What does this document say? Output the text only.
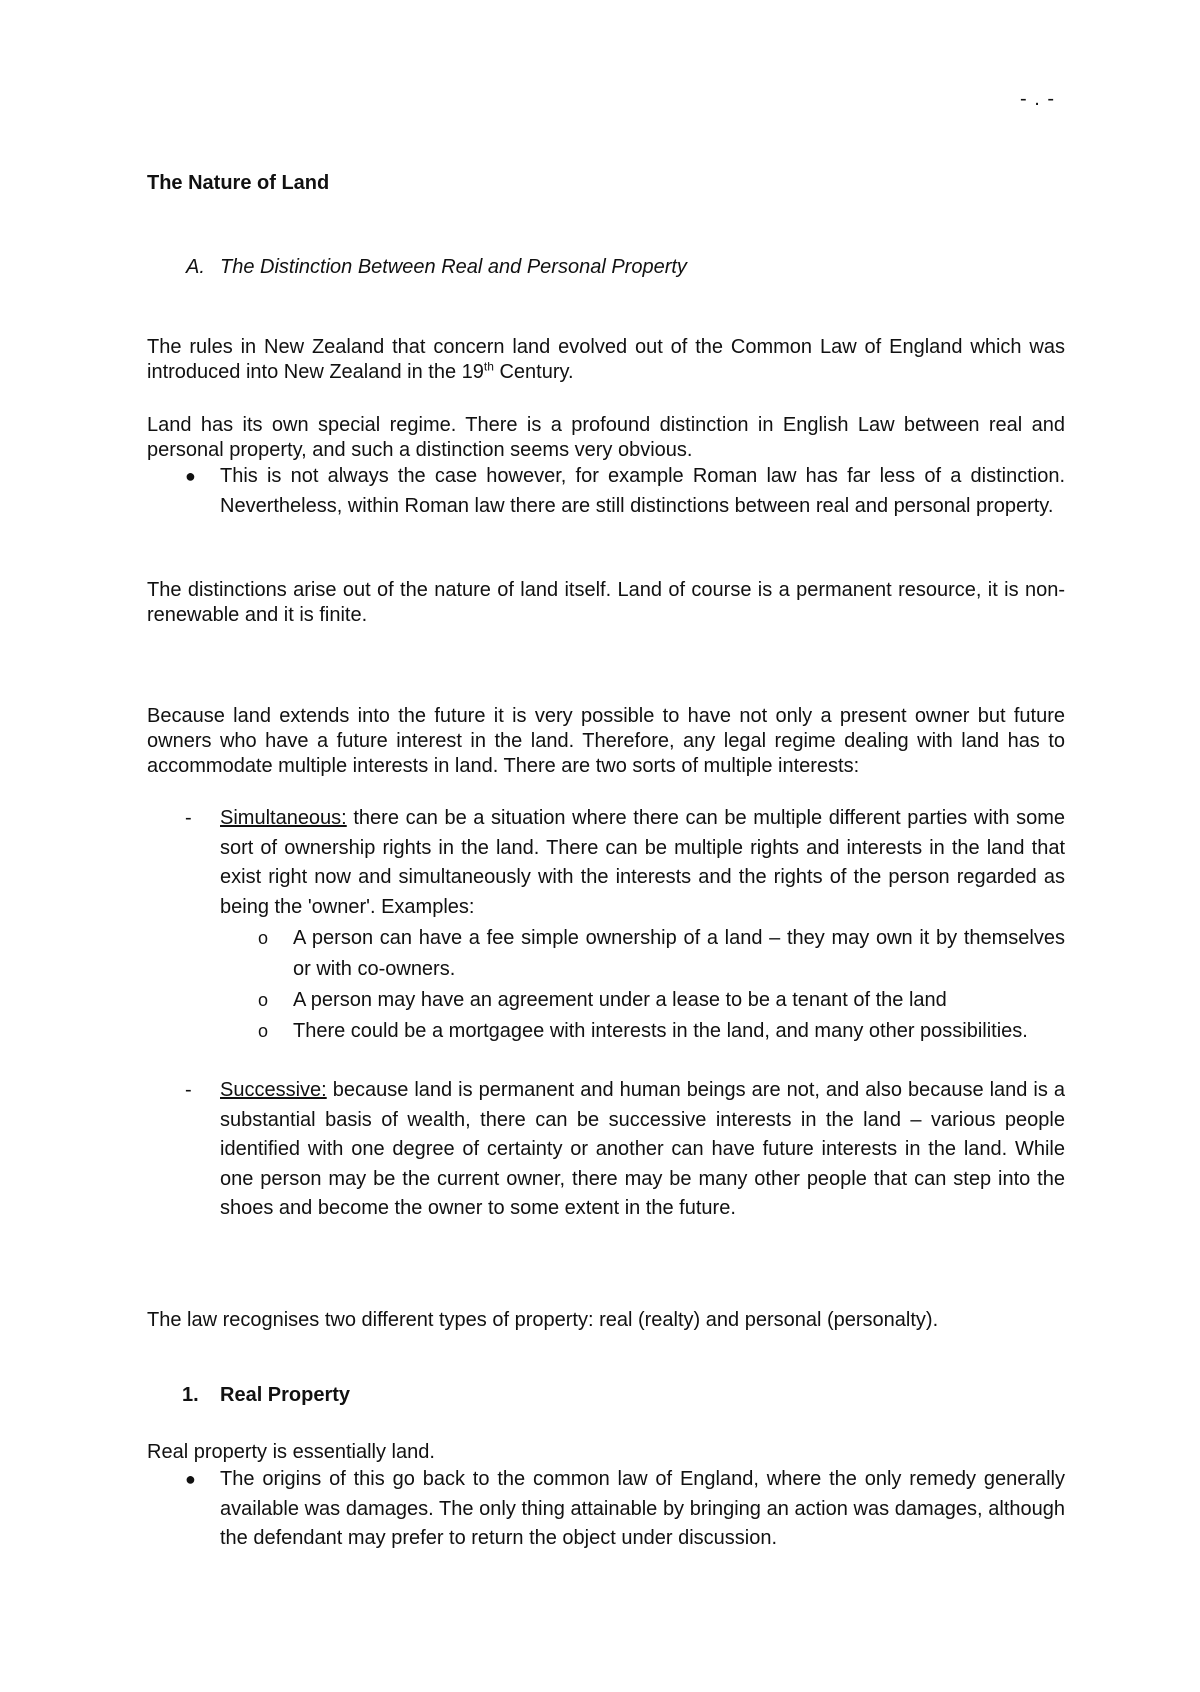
- . -
The Nature of Land
A. The Distinction Between Real and Personal Property
The rules in New Zealand that concern land evolved out of the Common Law of England which was introduced into New Zealand in the 19th Century.
Land has its own special regime. There is a profound distinction in English Law between real and personal property, and such a distinction seems very obvious.
● This is not always the case however, for example Roman law has far less of a distinction. Nevertheless, within Roman law there are still distinctions between real and personal property.
The distinctions arise out of the nature of land itself. Land of course is a permanent resource, it is non-renewable and it is finite.
Because land extends into the future it is very possible to have not only a present owner but future owners who have a future interest in the land. Therefore, any legal regime dealing with land has to accommodate multiple interests in land. There are two sorts of multiple interests:
- Simultaneous: there can be a situation where there can be multiple different parties with some sort of ownership rights in the land. There can be multiple rights and interests in the land that exist right now and simultaneously with the interests and the rights of the person regarded as being the 'owner'. Examples:
o A person can have a fee simple ownership of a land – they may own it by themselves or with co-owners.
o A person may have an agreement under a lease to be a tenant of the land
o There could be a mortgagee with interests in the land, and many other possibilities.
- Successive: because land is permanent and human beings are not, and also because land is a substantial basis of wealth, there can be successive interests in the land – various people identified with one degree of certainty or another can have future interests in the land. While one person may be the current owner, there may be many other people that can step into the shoes and become the owner to some extent in the future.
The law recognises two different types of property: real (realty) and personal (personalty).
1. Real Property
Real property is essentially land.
● The origins of this go back to the common law of England, where the only remedy generally available was damages. The only thing attainable by bringing an action was damages, although the defendant may prefer to return the object under discussion.
